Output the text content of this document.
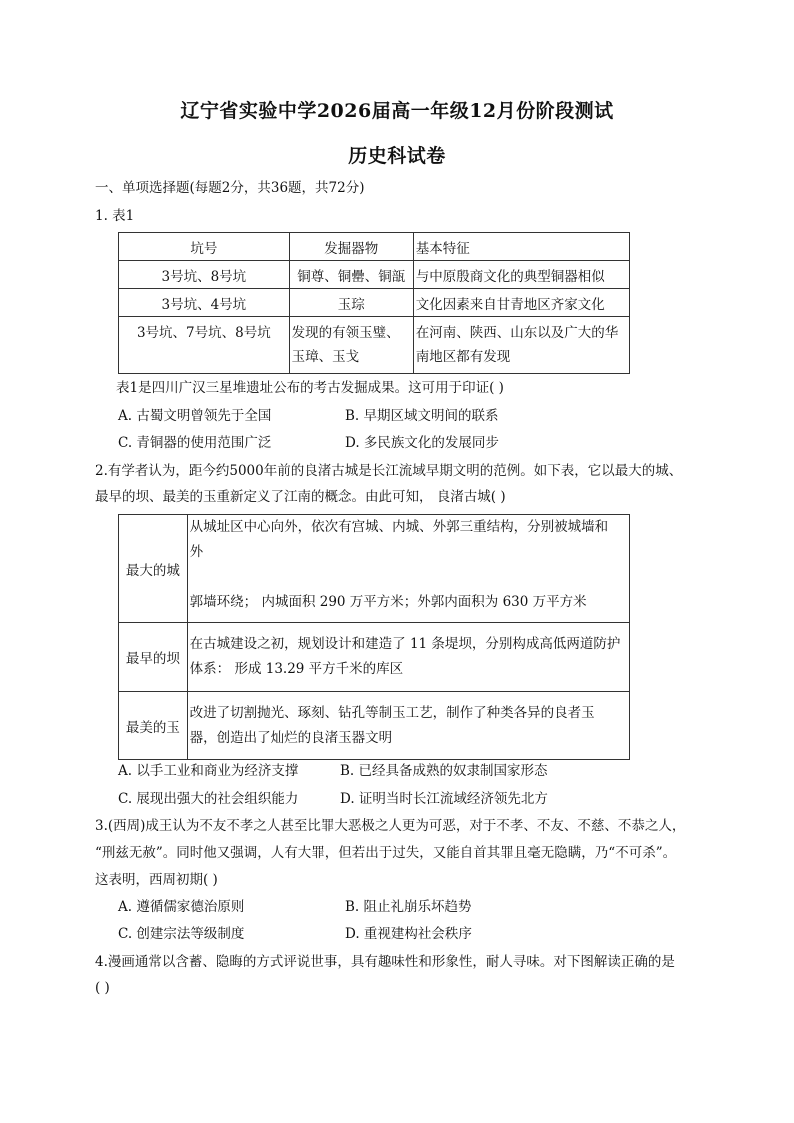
辽宁省实验中学2026届高一年级12月份阶段测试
历史科试卷
一、单项选择题(每题2分，共36题，共72分)
1. 表1
坑号	发掘器物	基本特征
3号坑、8号坑	铜尊、铜罍、铜瓿	与中原殷商文化的典型铜器相似
3号坑、4号坑	玉琮	文化因素来自甘青地区齐家文化
3号坑、7号坑、8号坑	发现的有领玉璧、玉璋、玉戈	在河南、陕西、山东以及广大的华南地区都有发现
表1是四川广汉三星堆遗址公布的考古发掘成果。这可用于印证( )
A. 古蜀文明曾领先于全国	B. 早期区域文明间的联系
C. 青铜器的使用范围广泛	D. 多民族文化的发展同步
2.有学者认为，距今约5000年前的良渚古城是长江流域早期文明的范例。如下表，它以最大的城、
最早的坝、最美的玉重新定义了江南的概念。由此可知， 良渚古城( )
最大的城	从城址区中心向外，依次有宫城、内城、外郭三重结构，分别被城墙和
外
郭墙环绕； 内城面积 290 万平方米；外郭内面积为 630 万平方米

最早的坝	在古城建设之初，规划设计和建造了 11 条堤坝，分别构成高低两道防护
体系： 形成 13.29 平方千米的库区

最美的玉	改进了切割抛光、琢刻、钻孔等制玉工艺，制作了种类各异的良者玉
器，创造出了灿烂的良渚玉器文明
A. 以手工业和商业为经济支撑	B. 已经具备成熟的奴隶制国家形态
C. 展现出强大的社会组织能力	D. 证明当时长江流域经济领先北方
3.(西周)成王认为不友不孝之人甚至比罪大恶极之人更为可恶，对于不孝、不友、不慈、不恭之人，
“刑兹无赦”。同时他又强调，人有大罪，但若出于过失，又能自首其罪且毫无隐瞒，乃“不可杀”。
这表明，西周初期( )
A. 遵循儒家德治原则	B. 阻止礼崩乐坏趋势
C. 创建宗法等级制度	D. 重视建构社会秩序
4.漫画通常以含蓄、隐晦的方式评说世事，具有趣味性和形象性，耐人寻味。对下图解读正确的是
( )
